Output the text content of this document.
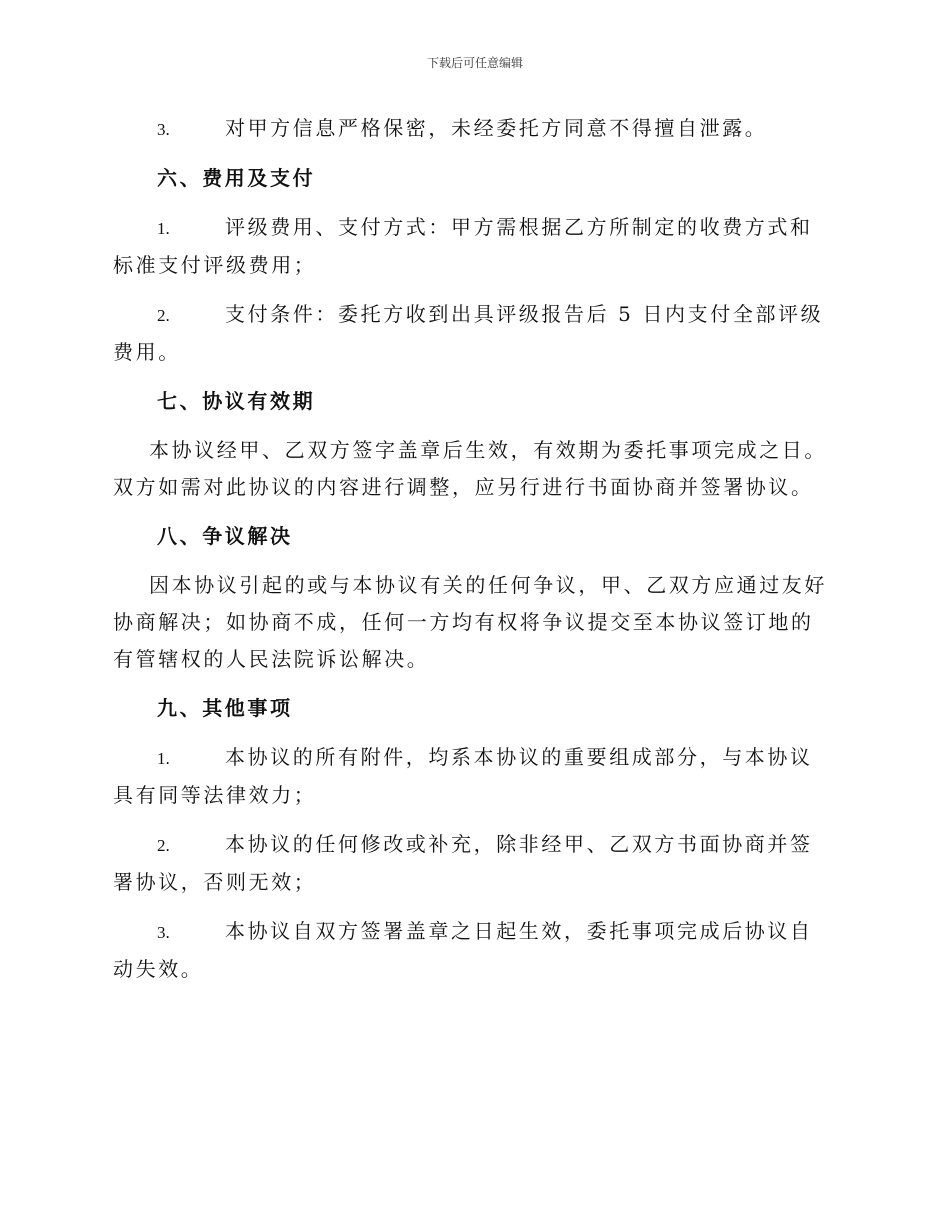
下载后可任意编辑
3.	对甲方信息严格保密，未经委托方同意不得擅自泄露。
六、费用及支付
1.	评级费用、支付方式：甲方需根据乙方所制定的收费方式和标准支付评级费用；
2.	支付条件：委托方收到出具评级报告后 5 日内支付全部评级费用。
七、协议有效期
本协议经甲、乙双方签字盖章后生效，有效期为委托事项完成之日。双方如需对此协议的内容进行调整，应另行进行书面协商并签署协议。
八、争议解决
因本协议引起的或与本协议有关的任何争议，甲、乙双方应通过友好协商解决；如协商不成，任何一方均有权将争议提交至本协议签订地的有管辖权的人民法院诉讼解决。
九、其他事项
1.	本协议的所有附件，均系本协议的重要组成部分，与本协议具有同等法律效力；
2.	本协议的任何修改或补充，除非经甲、乙双方书面协商并签署协议，否则无效；
3.	本协议自双方签署盖章之日起生效，委托事项完成后协议自动失效。
